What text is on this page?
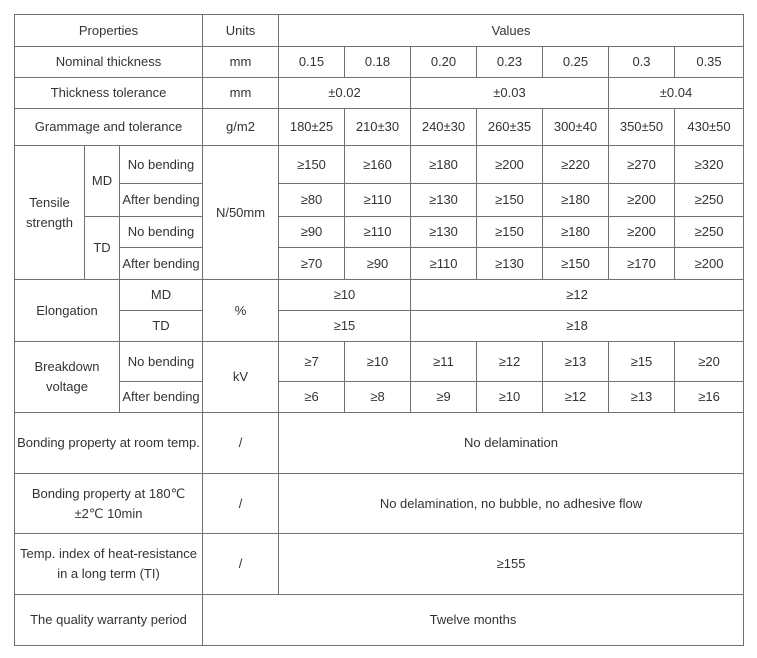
Properties			Units	Values						
Nominal thickness			mm	0.15	0.18	0.20	0.23	0.25	0.3	0.35
Thickness tolerance			mm	±0.02		±0.03			±0.04	
Grammage and tolerance			g/m2	180±25	210±30	240±30	260±35	300±40	350±50	430±50
Tensile strength	MD	No bending	N/50mm	≥150	≥160	≥180	≥200	≥220	≥270	≥320
		After bending		≥80	≥110	≥130	≥150	≥180	≥200	≥250
	TD	No bending		≥90	≥110	≥130	≥150	≥180	≥200	≥250
		After bending		≥70	≥90	≥110	≥130	≥150	≥170	≥200
Elongation		MD	%	≥10		≥12				
		TD		≥15		≥18				
Breakdown voltage		No bending	kV	≥7	≥10	≥11	≥12	≥13	≥15	≥20
		After bending		≥6	≥8	≥9	≥10	≥12	≥13	≥16
Bonding property at room temp.			/	No delamination						
Bonding property at 180℃ ±2℃ 10min			/	No delamination, no bubble, no adhesive flow						
Temp. index of heat-resistance in a long term (TI)			/	≥155						
The quality warranty period			Twelve months							
